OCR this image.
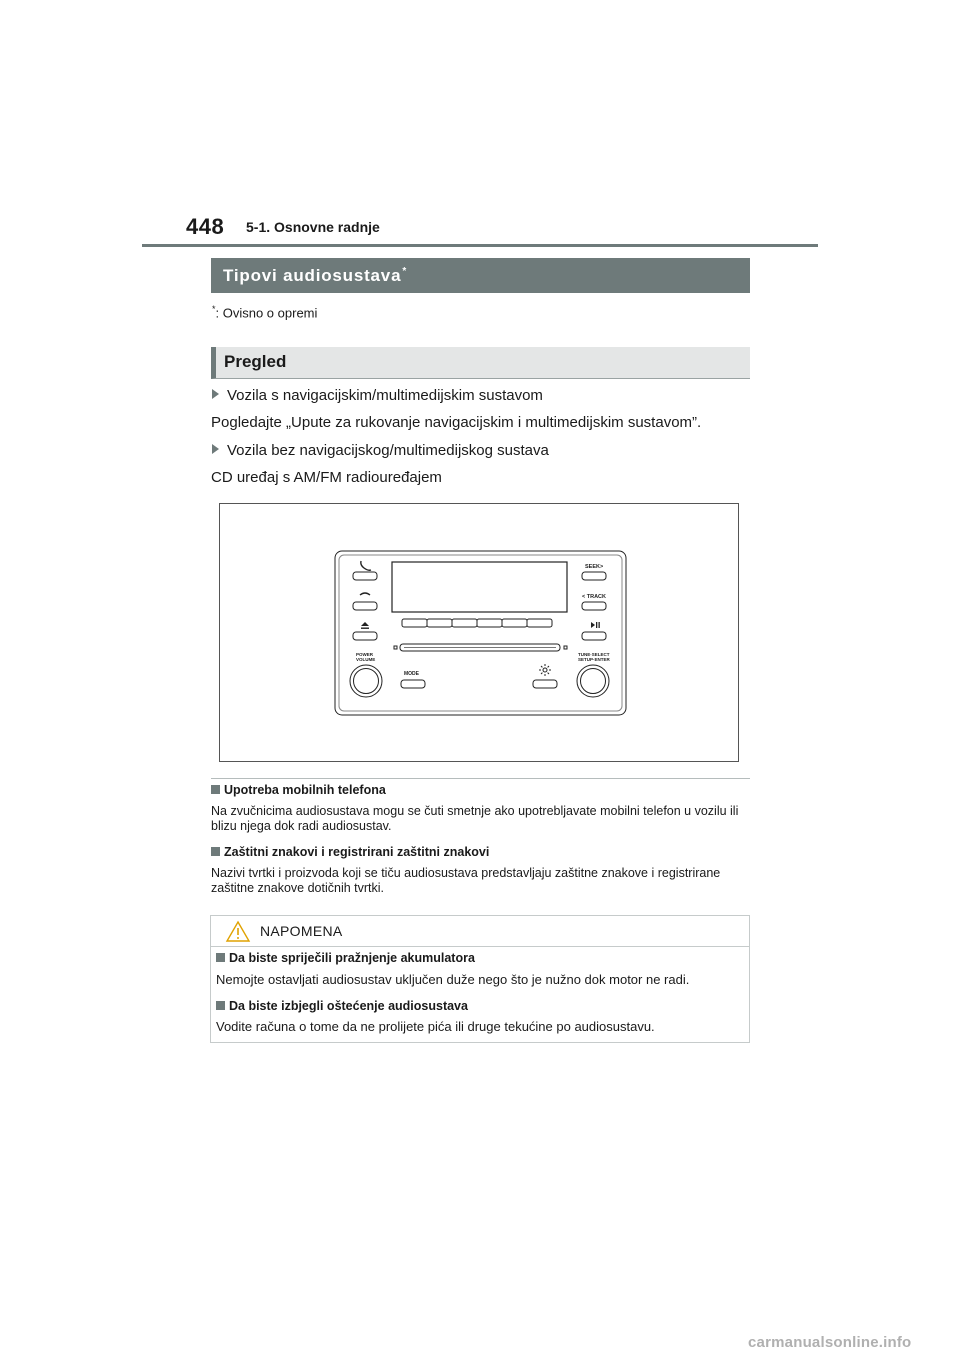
448 5-1. Osnovne radnje
Tipovi audiosustava*
*: Ovisno o opremi
Pregled
Vozila s navigacijskim/multimedijskim sustavom
Pogledajte „Upute za rukovanje navigacijskim i multimedijskim sustavom”.
Vozila bez navigacijskog/multimedijskog sustava
CD uređaj s AM/FM radiouređajem
SEEK>
< TRACK
POWER
VOLUME
MODE
TUNE·SELECT
SETUP·ENTER
Upotreba mobilnih telefona
Na zvučnicima audiosustava mogu se čuti smetnje ako upotrebljavate mobilni telefon u vozilu ili blizu njega dok radi audiosustav.
Zaštitni znakovi i registrirani zaštitni znakovi
Nazivi tvrtki i proizvoda koji se tiču audiosustava predstavljaju zaštitne znakove i registrirane zaštitne znakove dotičnih tvrtki.
NAPOMENA
Da biste spriječili pražnjenje akumulatora
Nemojte ostavljati audiosustav uključen duže nego što je nužno dok motor ne radi.
Da biste izbjegli oštećenje audiosustava
Vodite računa o tome da ne prolijete pića ili druge tekućine po audiosustavu.
carmanualsonline.info
